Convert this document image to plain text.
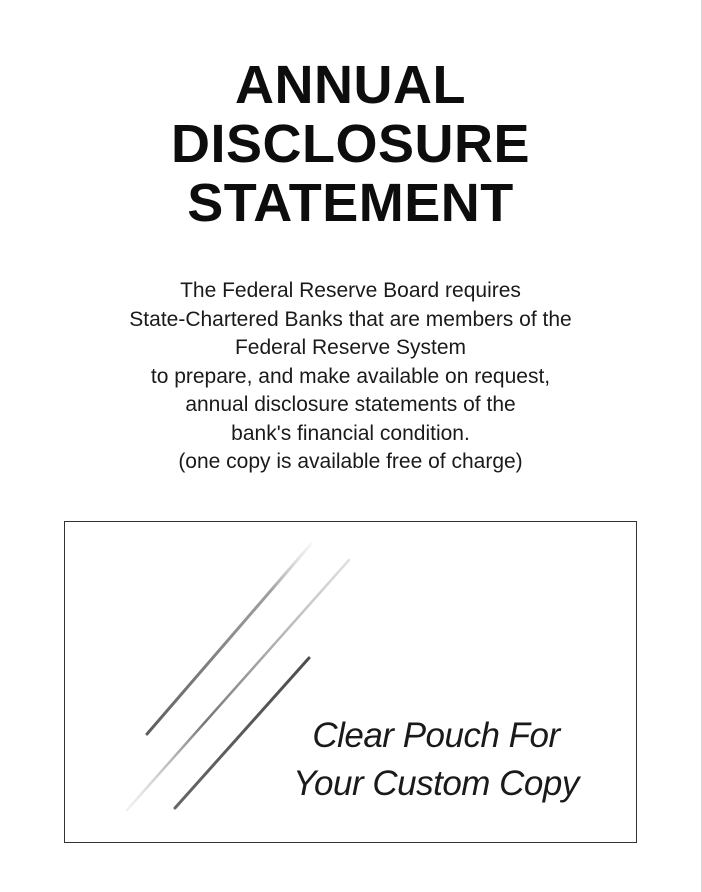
ANNUAL
DISCLOSURE
STATEMENT
The Federal Reserve Board requires
State-Chartered Banks that are members of the
Federal Reserve System
to prepare, and make available on request,
annual disclosure statements of the
bank's financial condition.
(one copy is available free of charge)
Clear Pouch For
Your Custom Copy
